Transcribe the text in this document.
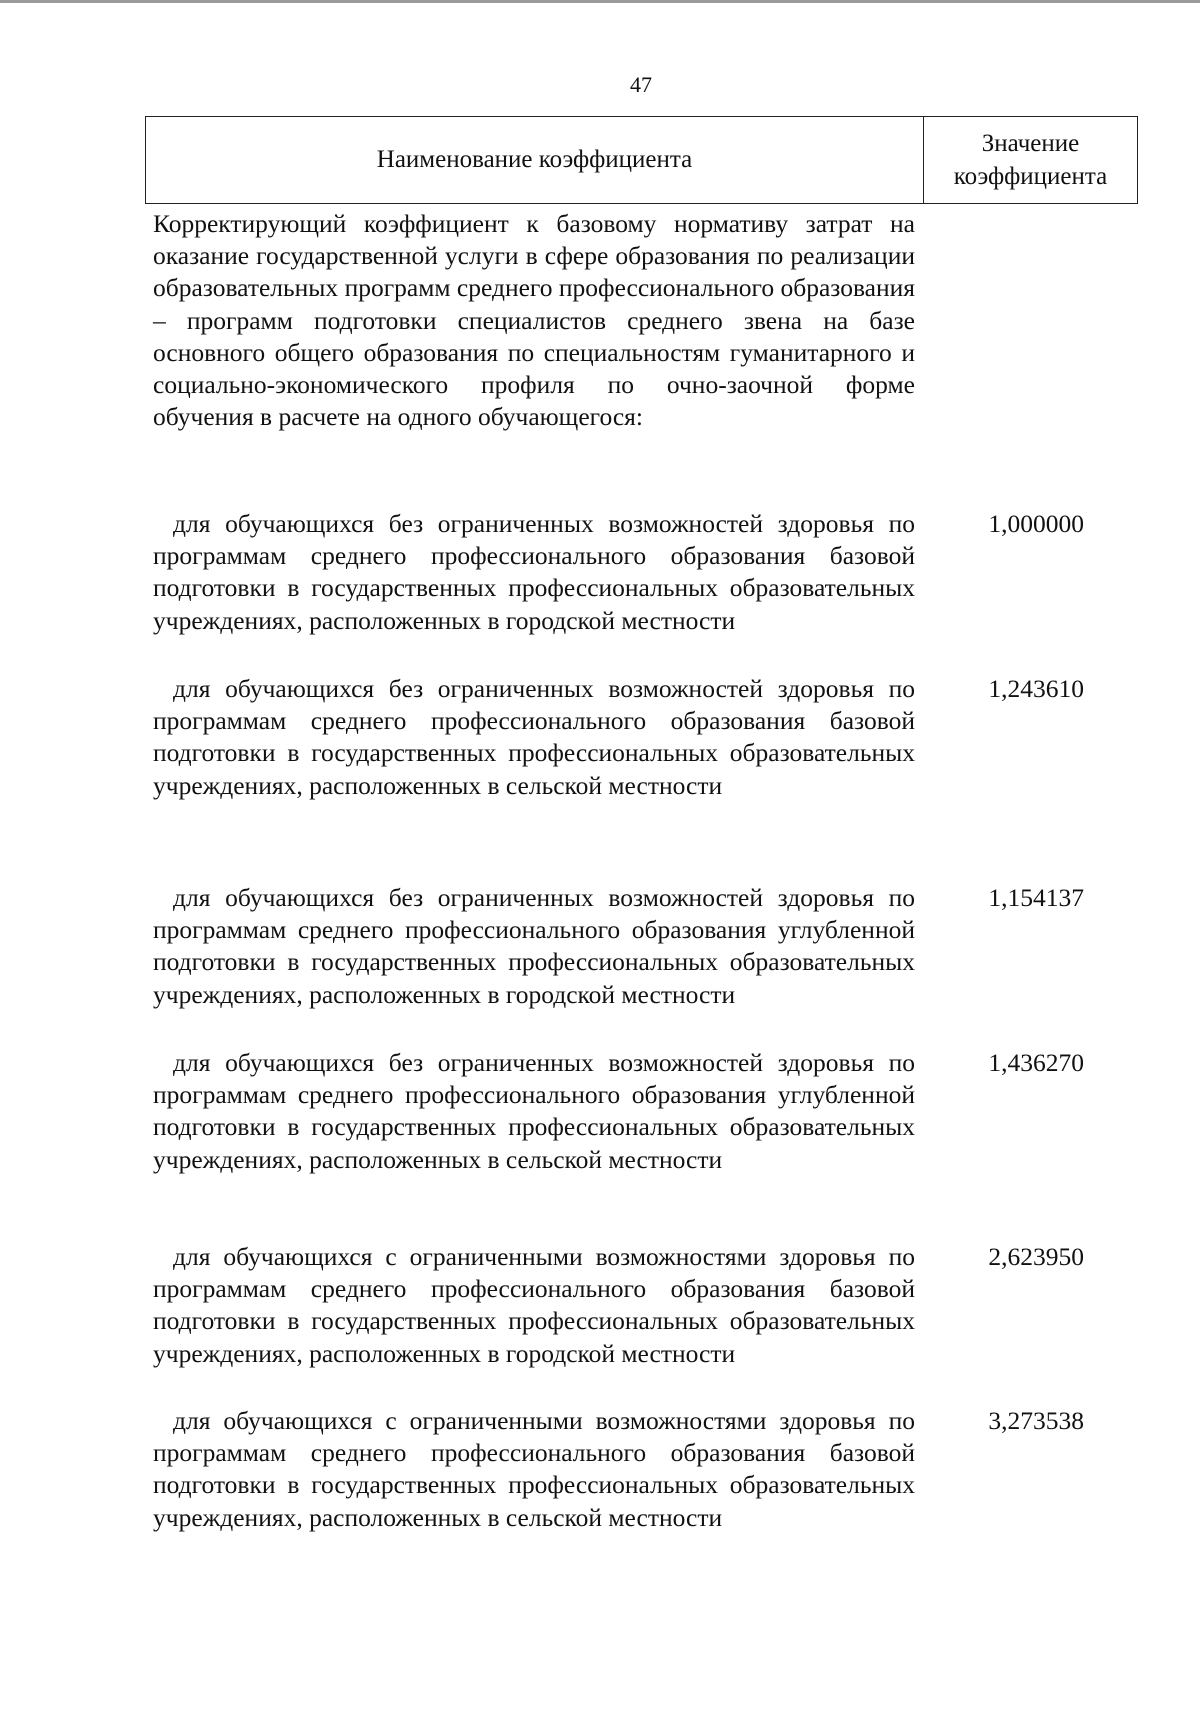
47
Наименование коэффициента
Значение коэффициента
Корректирующий коэффициент к базовому нормативу затрат на оказание государственной услуги в сфере образования по реализации образовательных программ среднего профессионального образования – программ подготовки специалистов среднего звена на базе основного общего образования по специальностям гуманитарного и социально-экономического профиля по очно-заочной форме обучения в расчете на одного обучающегося:
для обучающихся без ограниченных возможностей здоровья по программам среднего профессионального образования базовой подготовки в государственных профессиональных образовательных учреждениях, расположенных в городской местности
1,000000
для обучающихся без ограниченных возможностей здоровья по программам среднего профессионального образования базовой подготовки в государственных профессиональных образовательных учреждениях, расположенных в сельской местности
1,243610
для обучающихся без ограниченных возможностей здоровья по программам среднего профессионального образования углубленной подготовки в государственных профессиональных образовательных учреждениях, расположенных в городской местности
1,154137
для обучающихся без ограниченных возможностей здоровья по программам среднего профессионального образования углубленной подготовки в государственных профессиональных образовательных учреждениях, расположенных в сельской местности
1,436270
для обучающихся с ограниченными возможностями здоровья по программам среднего профессионального образования базовой подготовки в государственных профессиональных образовательных учреждениях, расположенных в городской местности
2,623950
для обучающихся с ограниченными возможностями здоровья по программам среднего профессионального образования базовой подготовки в государственных профессиональных образовательных учреждениях, расположенных в сельской местности
3,273538
